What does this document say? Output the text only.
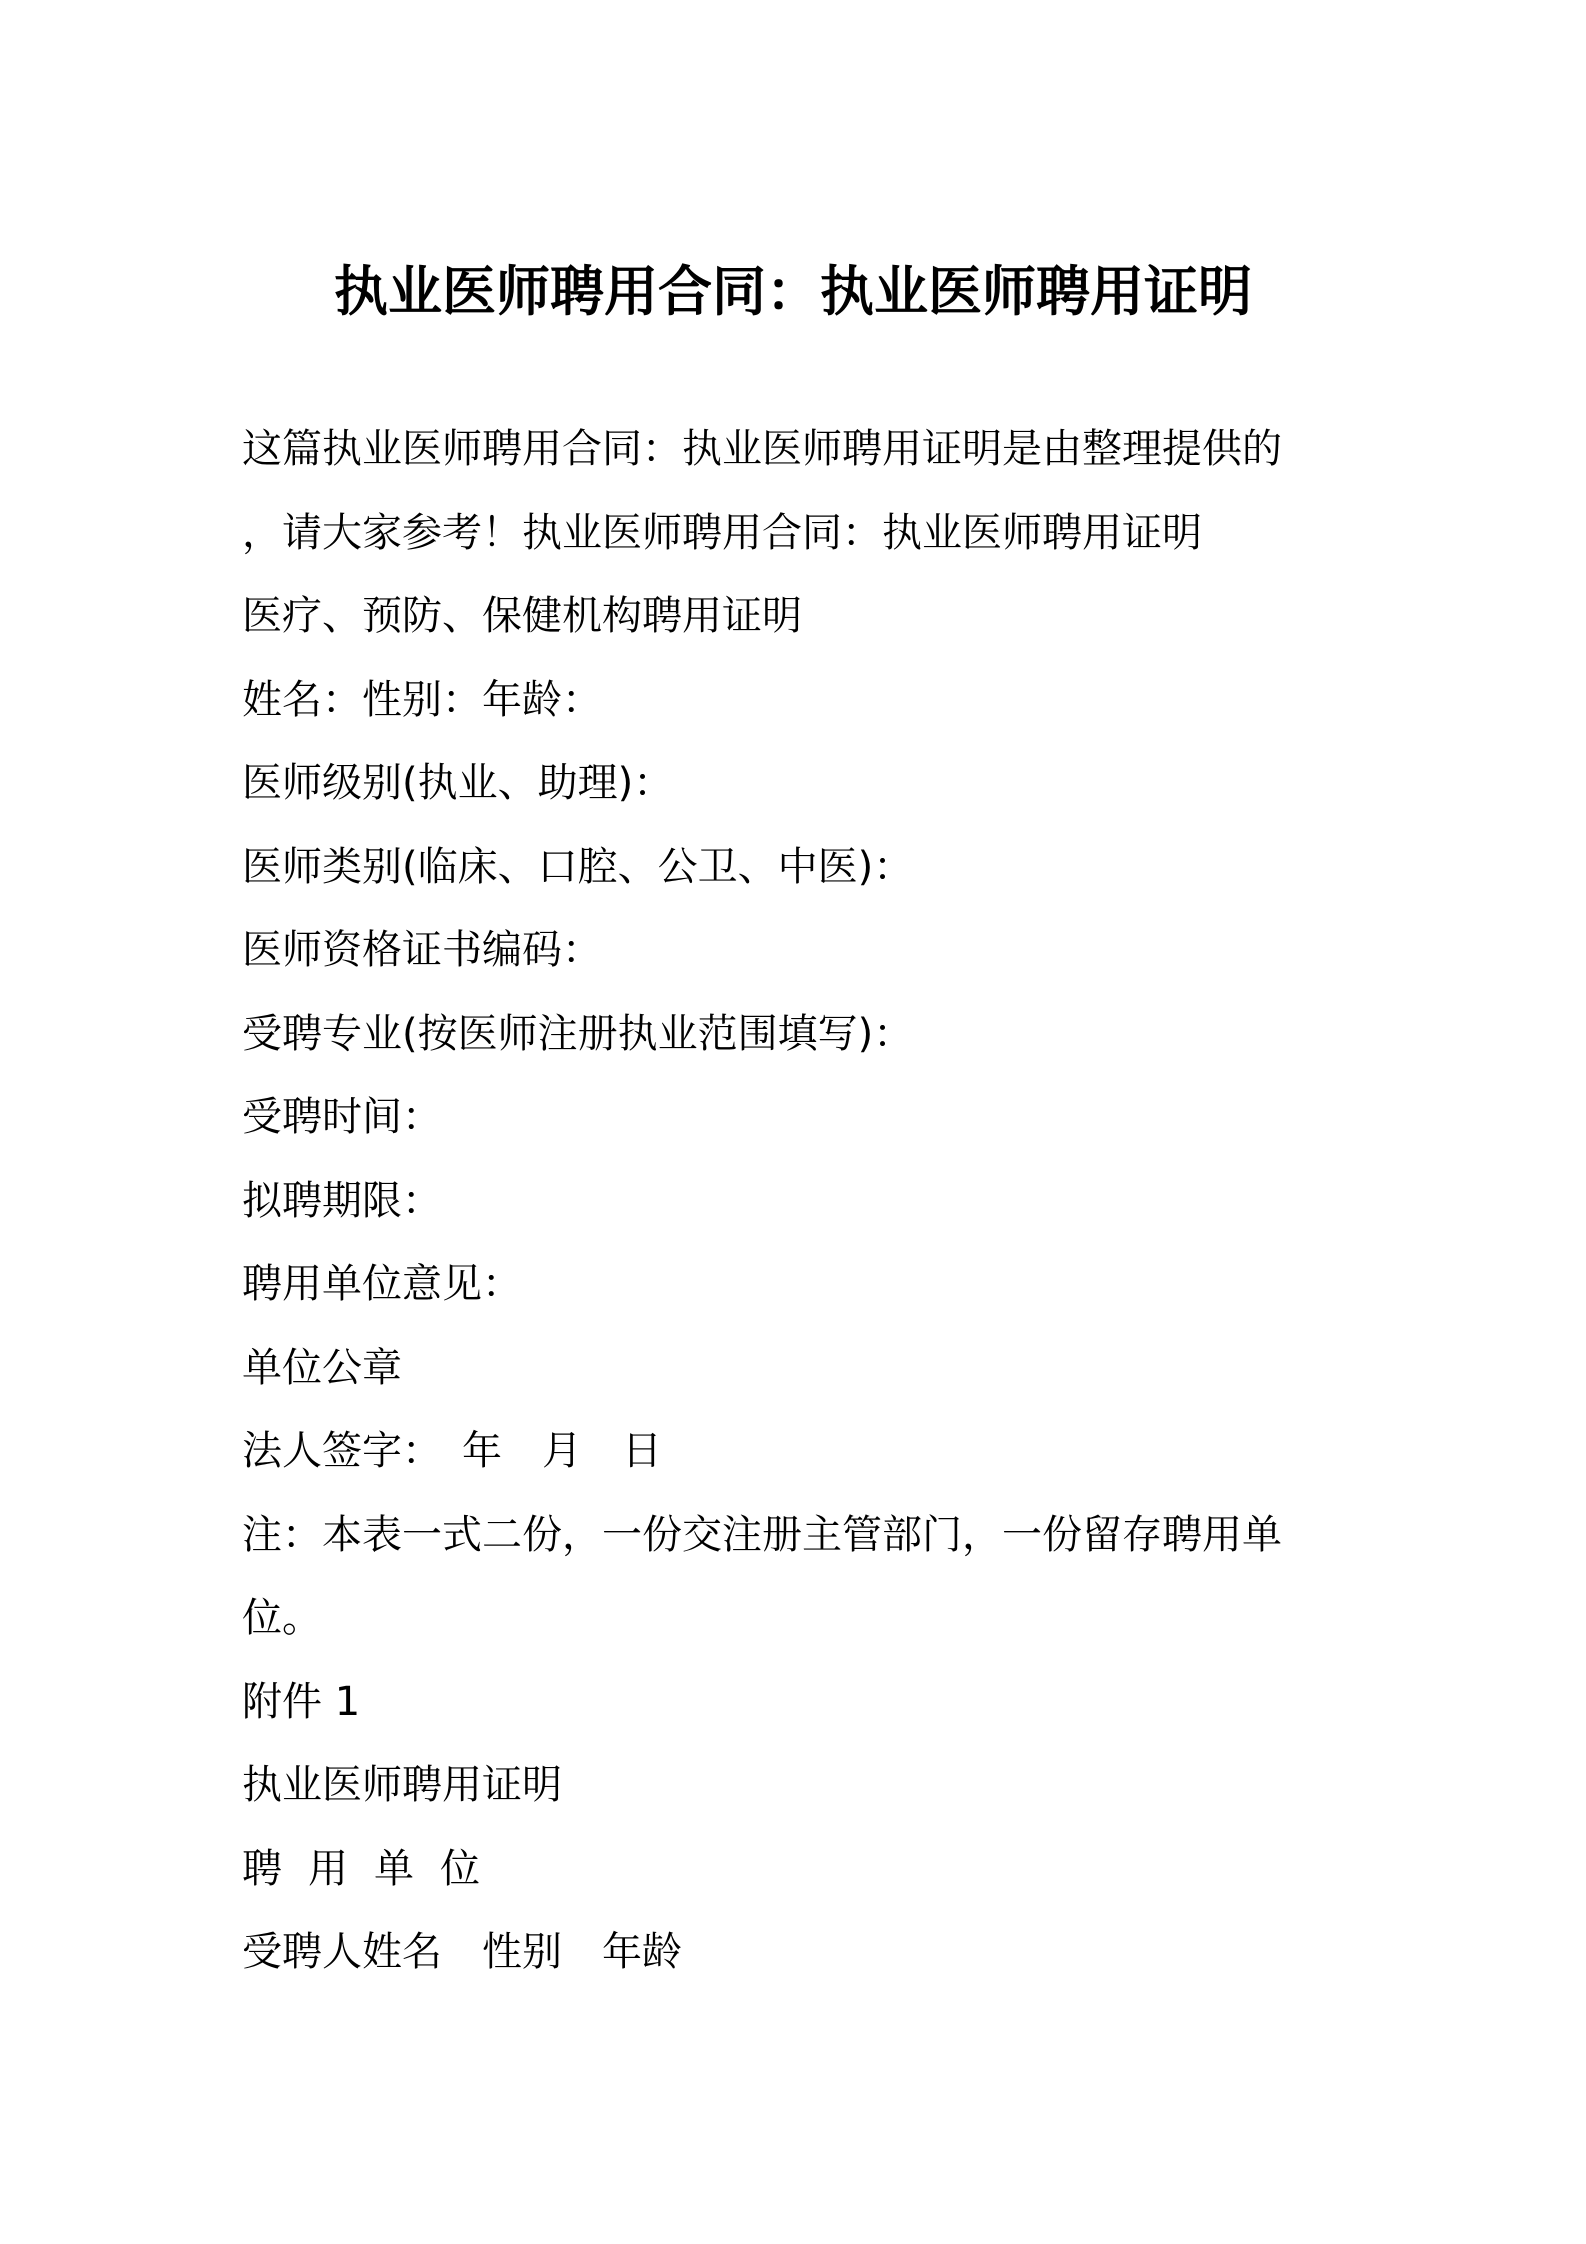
执业医师聘用合同：执业医师聘用证明
这篇执业医师聘用合同：执业医师聘用证明是由整理提供的
，请大家参考！执业医师聘用合同：执业医师聘用证明
医疗、预防、保健机构聘用证明
姓名：性别：年龄：
医师级别(执业、助理)：
医师类别(临床、口腔、公卫、中医)：
医师资格证书编码：
受聘专业(按医师注册执业范围填写)：
受聘时间：
拟聘期限：
聘用单位意见：
单位公章
法人签字：　年　月　日
注：本表一式二份，一份交注册主管部门，一份留存聘用单
位。
附件 1
执业医师聘用证明
聘用单位
受聘人姓名　性别　年龄
